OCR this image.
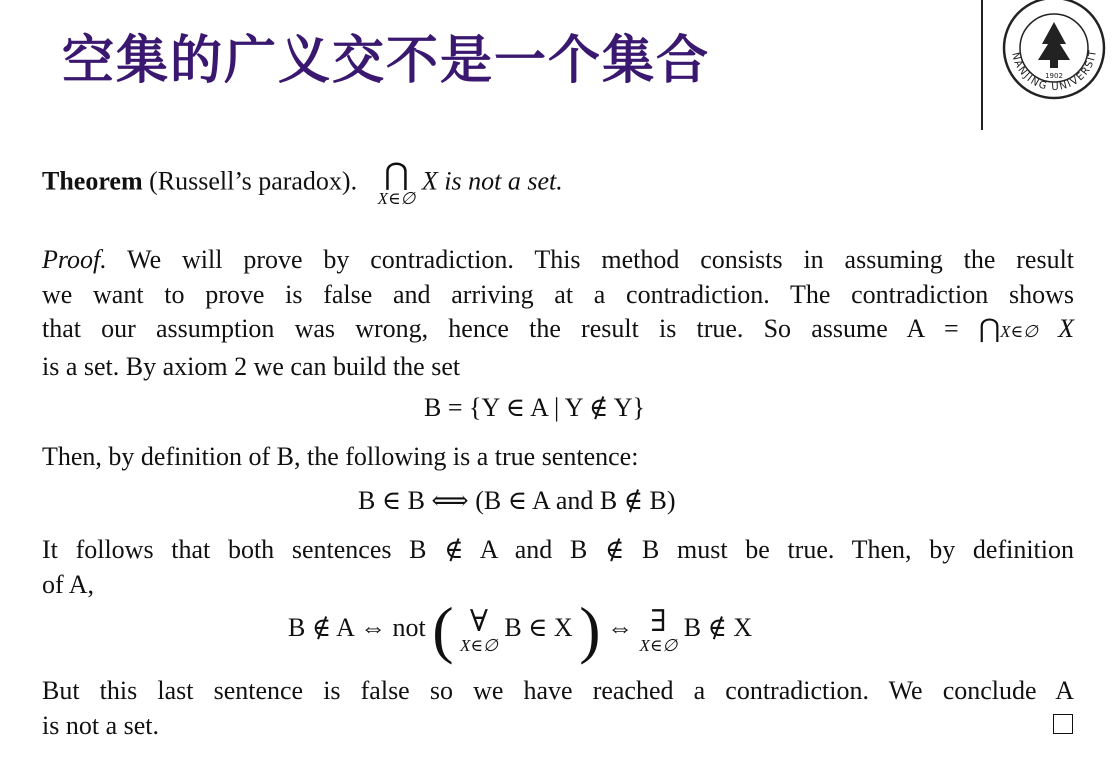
空集的广义交不是一个集合	NANJING UNIVERSIT
1902
Theorem (Russell’s paradox). ⋂
X∈∅
X is not a set.
Proof. We will prove by contradiction. This method consists in assuming the result
we want to prove is false and arriving at a contradiction. The contradiction shows
that our assumption was wrong, hence the result is true. So assume A = ⋂X∈∅ X
is a set. By axiom 2 we can build the set
B = {Y ∈ A | Y ∉ Y}
Then, by definition of B, the following is a true sentence:
B ∈ B ⟺ (B ∈ A and B ∉ B)
It follows that both sentences B ∉ A and B ∉ B must be true. Then, by definition
of A,
B ∉ A ⇔ not ( ∀
X∈∅
B ∈ X ) ⇔ ∃
X∈∅
B ∉ X
But this last sentence is false so we have reached a contradiction. We conclude A
is not a set.
